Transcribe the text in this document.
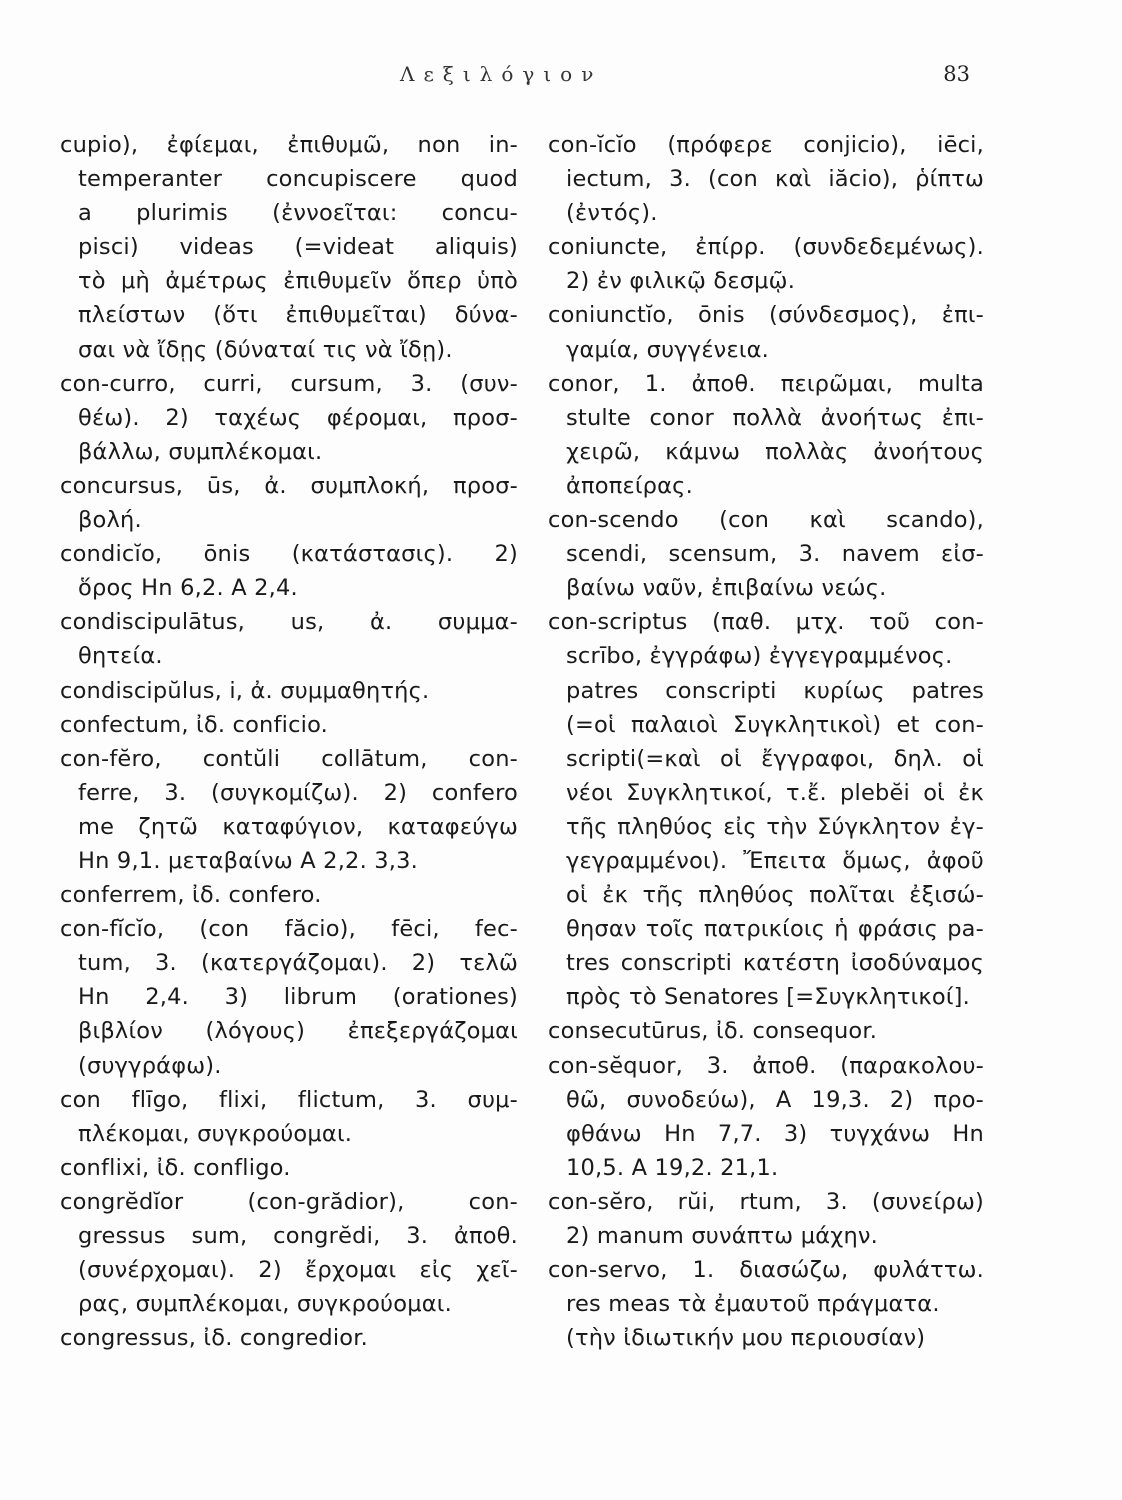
Λεξιλόγιον	83
cupio), ἐφίεμαι, ἐπιθυμῶ, non in-
temperanter concupiscere quod
a plurimis (ἐννοεῖται: concu-
pisci) videas (=videat aliquis)
τὸ μὴ ἀμέτρως ἐπιθυμεῖν ὅπερ ὑπὸ
πλείστων (ὅτι ἐπιθυμεῖται) δύνα-
σαι νὰ ἴδῃς (δύναταί τις νὰ ἴδῃ).
con-curro, curri, cursum, 3. (συν-
θέω). 2) ταχέως φέρομαι, προσ-
βάλλω, συμπλέκομαι.
concursus, ūs, ἀ. συμπλοκή, προσ-
βολή.
condicĭo, ōnis (κατάστασις). 2)
ὅρος Hn 6,2. A 2,4.
condiscipulātus, us, ἀ. συμμα-
θητεία.
condiscipŭlus, i, ἀ. συμμαθητής.
confectum, ἰδ. conficio.
con-fĕro, contŭli collātum, con-
ferre, 3. (συγκομίζω). 2) confero
me ζητῶ καταφύγιον, καταφεύγω
Hn 9,1. μεταβαίνω A 2,2. 3,3.
conferrem, ἰδ. confero.
con-fĭcĭo, (con făcio), fēci, fec-
tum, 3. (κατεργάζομαι). 2) τελῶ
Hn 2,4. 3) librum (orationes)
βιβλίον (λόγους) ἐπεξεργάζομαι
(συγγράφω).
con flīgo, flixi, flictum, 3. συμ-
πλέκομαι, συγκρούομαι.
conflixi, ἰδ. confligo.
congrĕdĭor (con-grădior), con-
gressus sum, congrĕdi, 3. ἀποθ.
(συνέρχομαι). 2) ἔρχομαι εἰς χεῖ-
ρας, συμπλέκομαι, συγκρούομαι.
congressus, ἰδ. congredior.
con-ĭcĭo (πρόφερε conjicio), iēci,
iectum, 3. (con καὶ iăcio), ῥίπτω
(ἐντός).
coniuncte, ἐπίρρ. (συνδεδεμένως).
2) ἐν φιλικῷ δεσμῷ.
coniunctĭo, ōnis (σύνδεσμος), ἐπι-
γαμία, συγγένεια.
conor, 1. ἀποθ. πειρῶμαι, multa
stulte conor πολλὰ ἀνοήτως ἐπι-
χειρῶ, κάμνω πολλὰς ἀνοήτους
ἀποπείρας.
con-scendo (con καὶ scando),
scendi, scensum, 3. navem εἰσ-
βαίνω ναῦν, ἐπιβαίνω νεώς.
con-scriptus (παθ. μτχ. τοῦ con-
scrībo, ἐγγράφω) ἐγγεγραμμένος.
patres conscripti κυρίως patres
(=οἱ παλαιοὶ Συγκλητικοὶ) et con-
scripti(=καὶ οἱ ἔγγραφοι, δηλ. οἱ
νέοι Συγκλητικοί, τ.ἔ. plebĕi οἱ ἐκ
τῆς πληθύος εἰς τὴν Σύγκλητον ἐγ-
γεγραμμένοι). Ἔπειτα ὅμως, ἀφοῦ
οἱ ἐκ τῆς πληθύος πολῖται ἐξισώ-
θησαν τοῖς πατρικίοις ἡ φράσις pa-
tres conscripti κατέστη ἰσοδύναμος
πρὸς τὸ Senatores [=Συγκλητικοί].
consecutūrus, ἰδ. consequor.
con-sĕquor, 3. ἀποθ. (παρακολου-
θῶ, συνοδεύω), A 19,3. 2) προ-
φθάνω Hn 7,7. 3) τυγχάνω Hn
10,5. A 19,2. 21,1.
con-sĕro, rŭi, rtum, 3. (συνείρω)
2) manum συνάπτω μάχην.
con-servo, 1. διασώζω, φυλάττω.
res meas τὰ ἐμαυτοῦ πράγματα.
(τὴν ἰδιωτικήν μου περιουσίαν)
